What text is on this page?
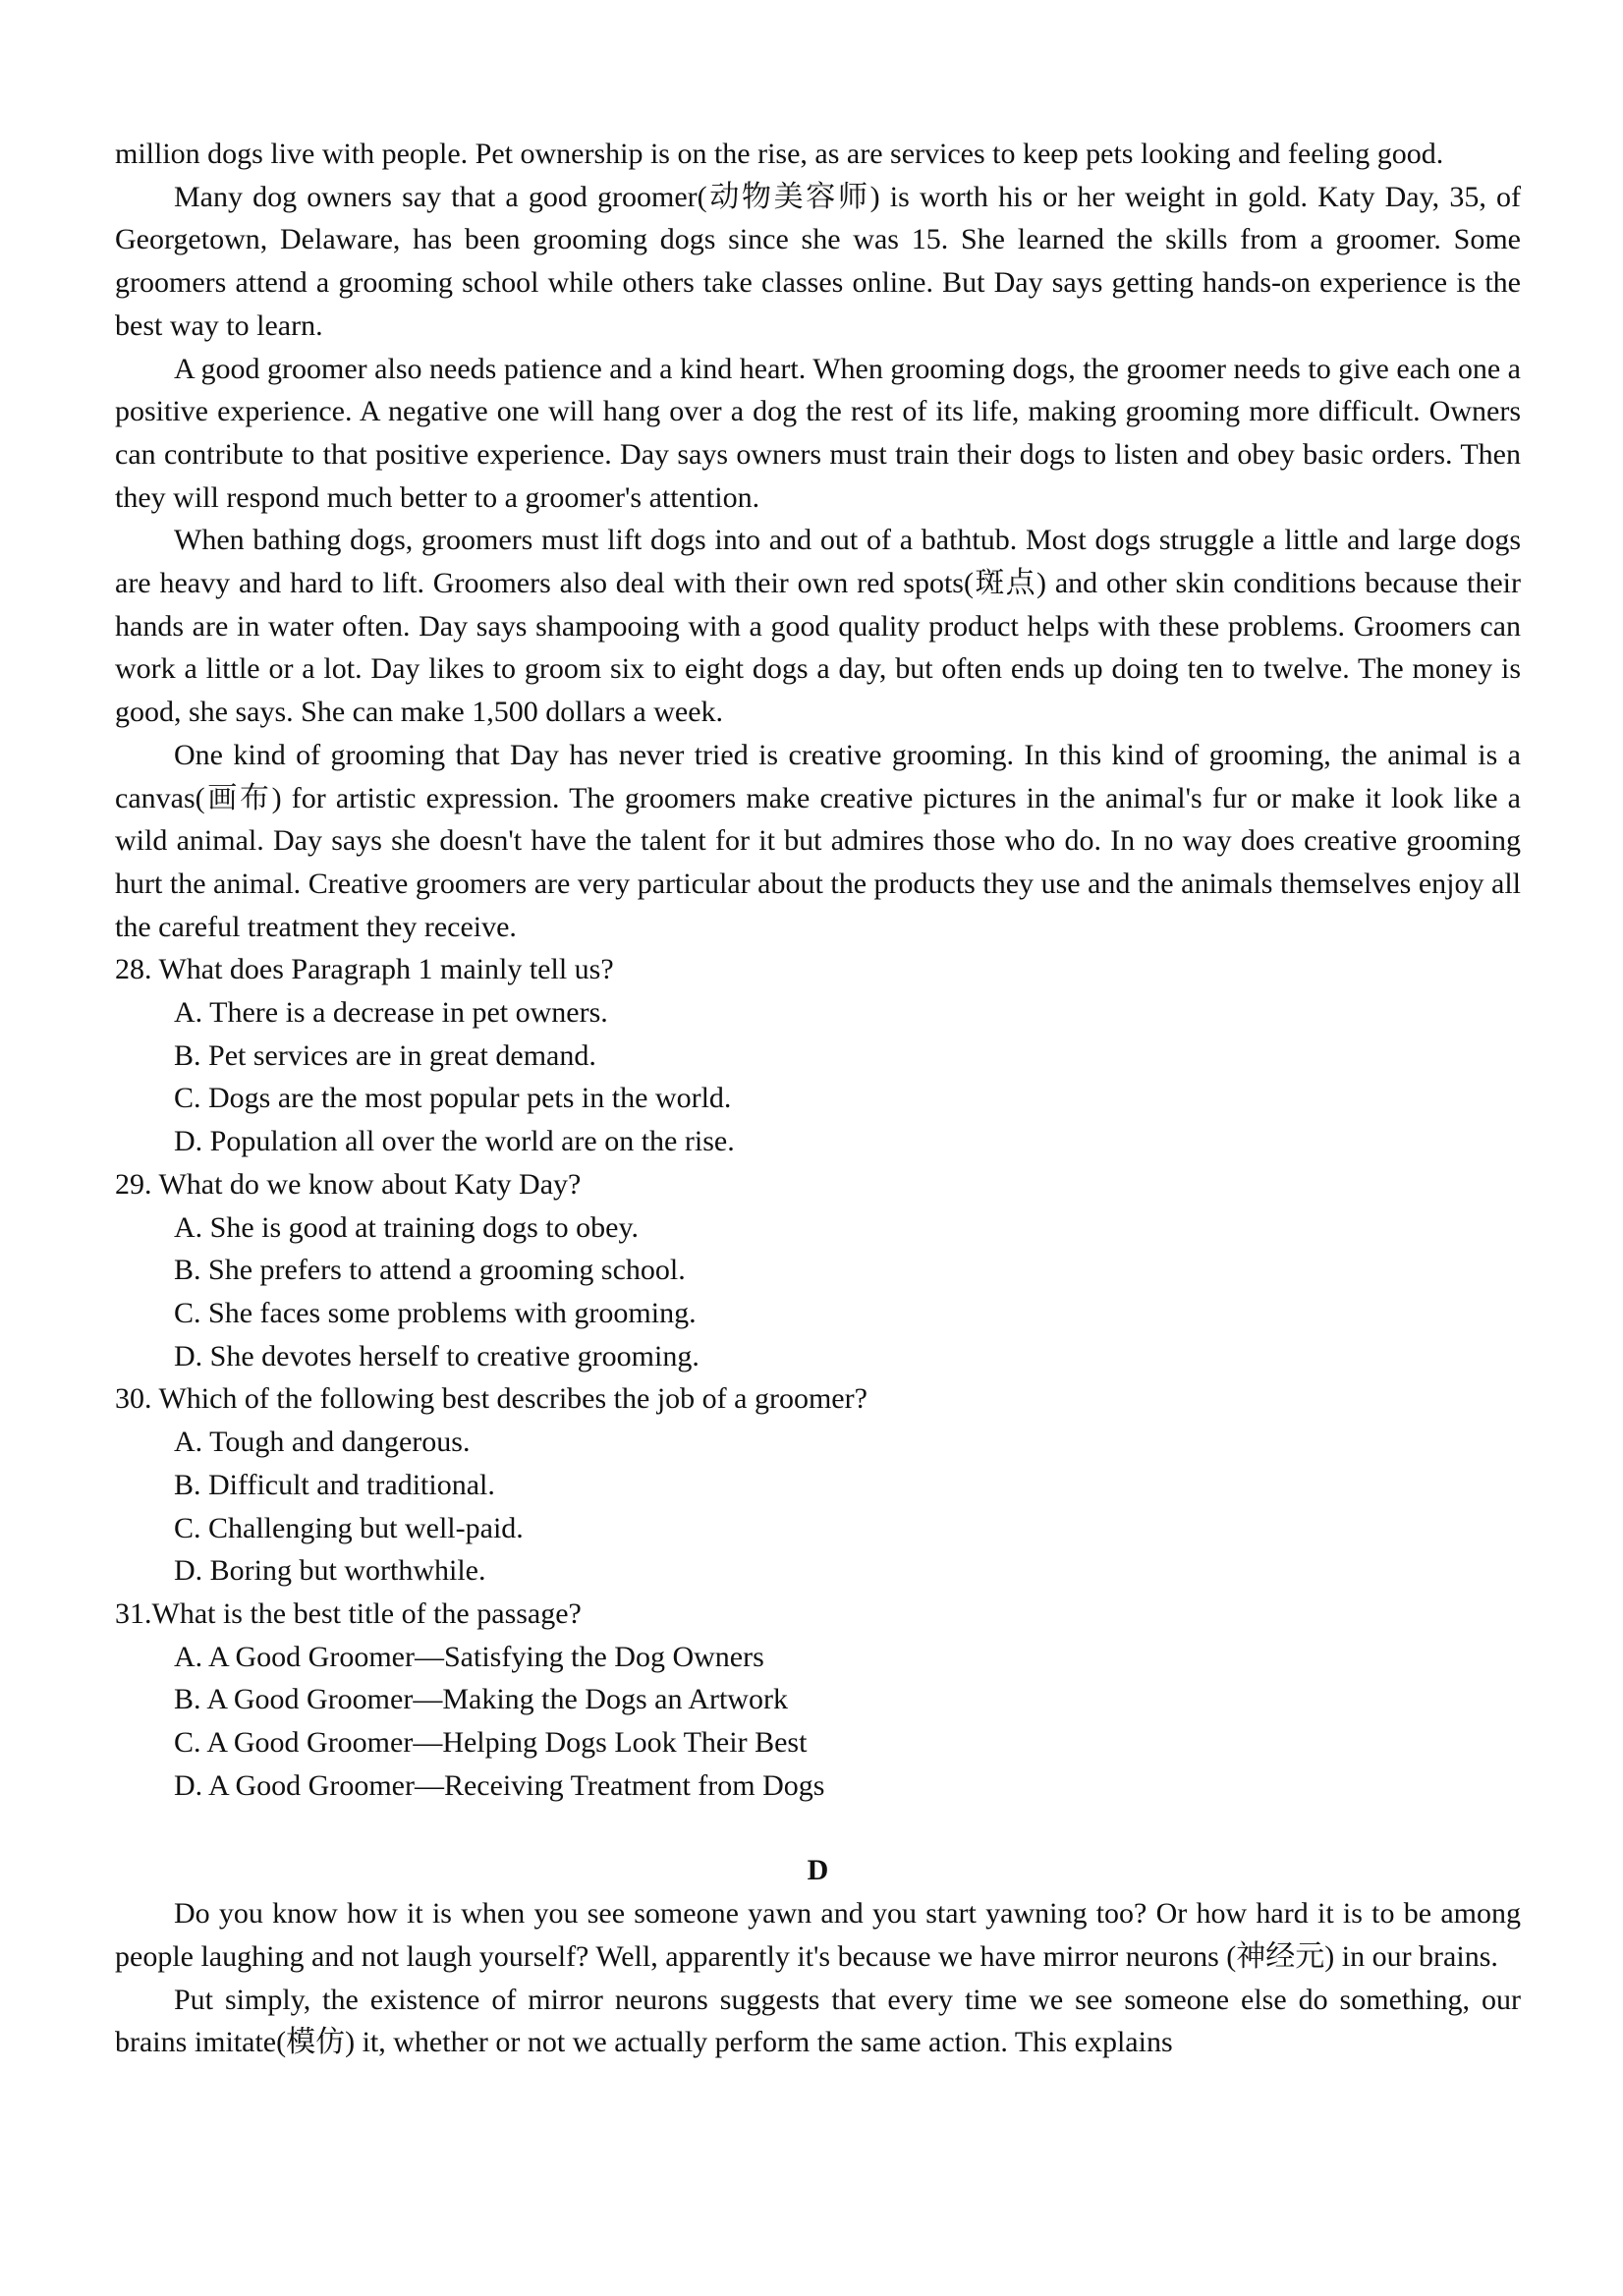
million dogs live with people. Pet ownership is on the rise, as are services to keep pets looking and feeling good.

Many dog owners say that a good groomer(动物美容师) is worth his or her weight in gold. Katy Day, 35, of Georgetown, Delaware, has been grooming dogs since she was 15. She learned the skills from a groomer. Some groomers attend a grooming school while others take classes online. But Day says getting hands-on experience is the best way to learn.

A good groomer also needs patience and a kind heart. When grooming dogs, the groomer needs to give each one a positive experience. A negative one will hang over a dog the rest of its life, making grooming more difficult. Owners can contribute to that positive experience. Day says owners must train their dogs to listen and obey basic orders. Then they will respond much better to a groomer's attention.

When bathing dogs, groomers must lift dogs into and out of a bathtub. Most dogs struggle a little and large dogs are heavy and hard to lift. Groomers also deal with their own red spots(斑点) and other skin conditions because their hands are in water often. Day says shampooing with a good quality product helps with these problems. Groomers can work a little or a lot. Day likes to groom six to eight dogs a day, but often ends up doing ten to twelve. The money is good, she says. She can make 1,500 dollars a week.

One kind of grooming that Day has never tried is creative grooming. In this kind of grooming, the animal is a canvas(画布) for artistic expression. The groomers make creative pictures in the animal's fur or make it look like a wild animal. Day says she doesn't have the talent for it but admires those who do. In no way does creative grooming hurt the animal. Creative groomers are very particular about the products they use and the animals themselves enjoy all the careful treatment they receive.

28. What does Paragraph 1 mainly tell us?

A. There is a decrease in pet owners.

B. Pet services are in great demand.

C. Dogs are the most popular pets in the world.

D. Population all over the world are on the rise.

29. What do we know about Katy Day?

A. She is good at training dogs to obey.

B. She prefers to attend a grooming school.

C. She faces some problems with grooming.

D. She devotes herself to creative grooming.

30. Which of the following best describes the job of a groomer?

A. Tough and dangerous.

B. Difficult and traditional.

C. Challenging but well-paid.

D. Boring but worthwhile.

31.What is the best title of the passage?

A. A Good Groomer—Satisfying the Dog Owners

B. A Good Groomer—Making the Dogs an Artwork

C. A Good Groomer—Helping Dogs Look Their Best

D. A Good Groomer—Receiving Treatment from Dogs

D

Do you know how it is when you see someone yawn and you start yawning too? Or how hard it is to be among people laughing and not laugh yourself? Well, apparently it's because we have mirror neurons (神经元) in our brains.

Put simply, the existence of mirror neurons suggests that every time we see someone else do something, our brains imitate(模仿) it, whether or not we actually perform the same action. This explains
